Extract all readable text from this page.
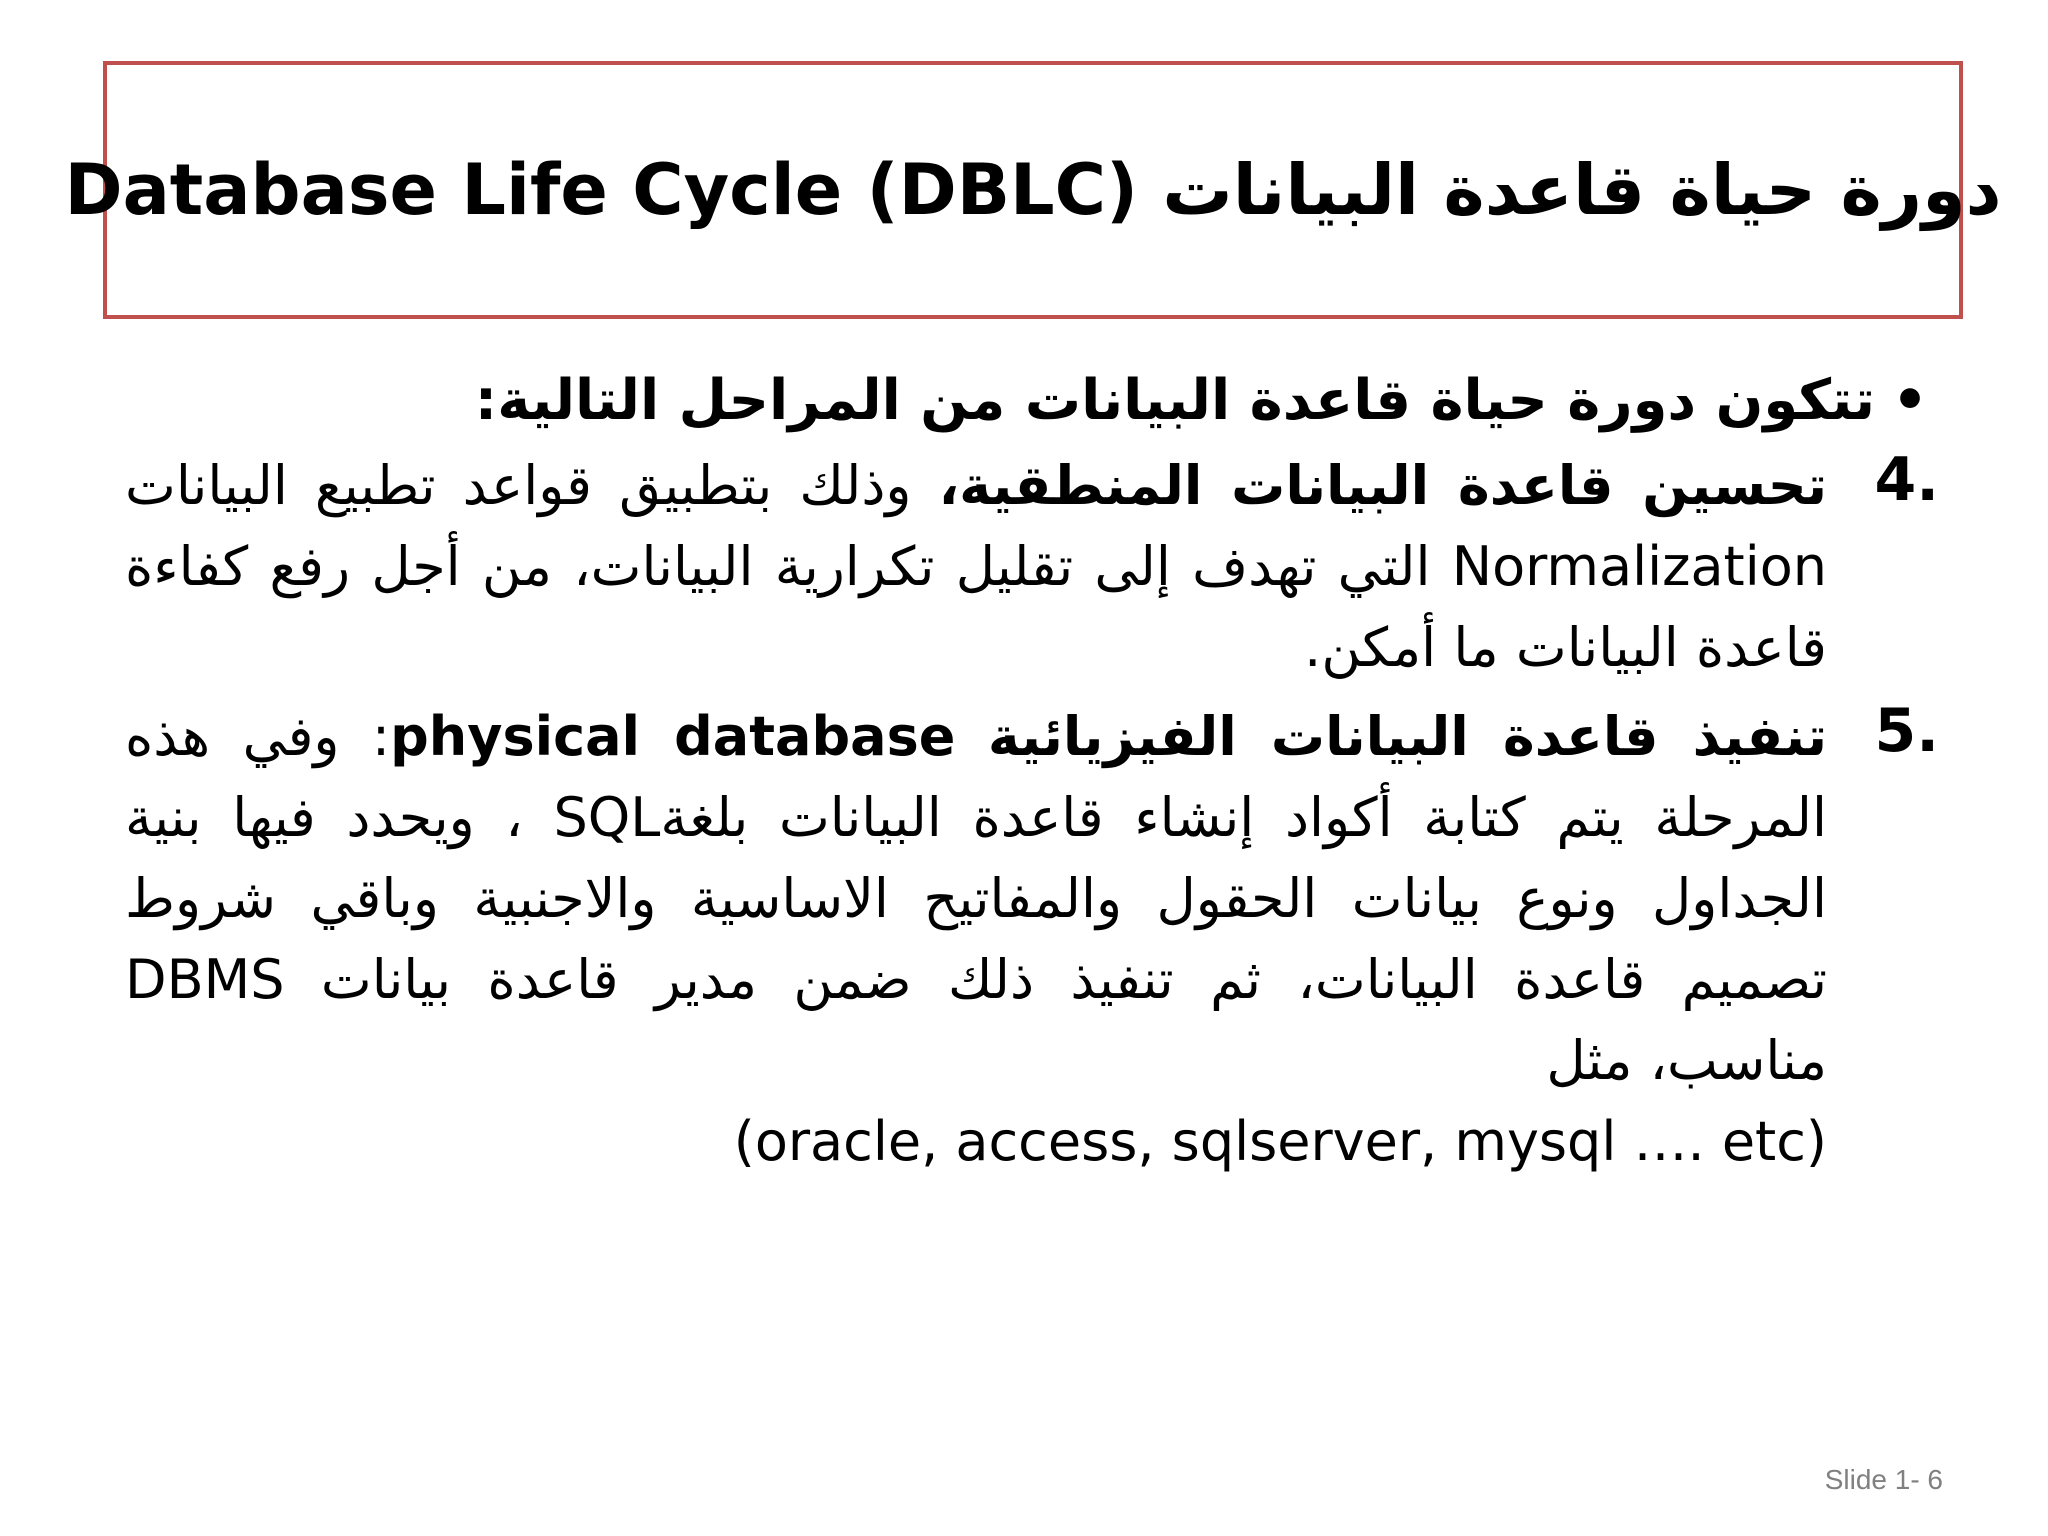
دورة حياة قاعدة البيانات Database Life Cycle (DBLC)
•
تتكون دورة حياة قاعدة البيانات من المراحل التالية:
4.
تحسين قاعدة البيانات المنطقية، وذلك بتطبيق قواعد تطبيع البيانات Normalization التي تهدف إلى تقليل تكرارية البيانات، من أجل رفع كفاءة قاعدة البيانات ما أمكن.
5.
تنفيذ قاعدة البيانات الفيزيائية physical database: وفي هذه المرحلة يتم كتابة أكواد إنشاء قاعدة البيانات بلغةSQL ، ويحدد فيها بنية الجداول ونوع بيانات الحقول والمفاتيح الاساسية والاجنبية وباقي شروط تصميم قاعدة البيانات، ثم تنفيذ ذلك ضمن مدير قاعدة بيانات DBMS مناسب، مثل
(oracle, access, sqlserver, mysql …. etc)
Slide 1- 6
